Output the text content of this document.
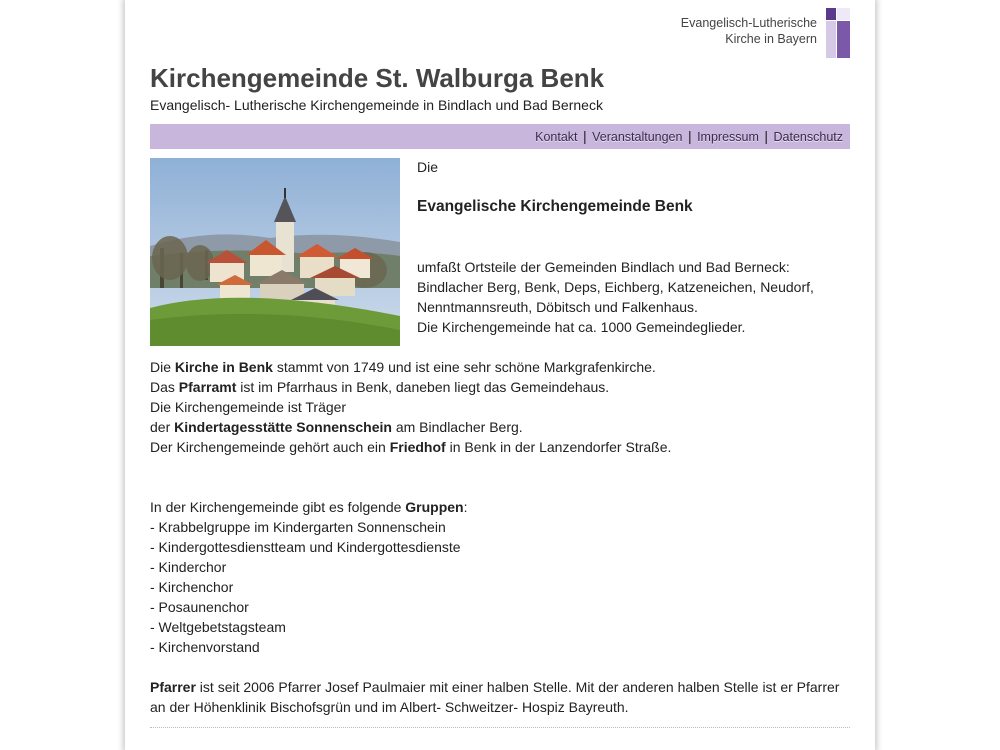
Evangelisch-Lutherische
Kirche in Bayern
Kirchengemeinde St. Walburga Benk
Evangelisch- Lutherische Kirchengemeinde in Bindlach und Bad Berneck
Kontakt | Veranstaltungen | Impressum | Datenschutz
Die
Evangelische Kirchengemeinde Benk
umfaßt Ortsteile der Gemeinden Bindlach und Bad Berneck: Bindlacher Berg, Benk, Deps, Eichberg, Katzeneichen, Neudorf, Nenntmannsreuth, Döbitsch und Falkenhaus.
Die Kirchengemeinde hat ca. 1000 Gemeindeglieder.

Die Kirche in Benk stammt von 1749 und ist eine sehr schöne Markgrafenkirche.

Das Pfarramt ist im Pfarrhaus in Benk, daneben liegt das Gemeindehaus.

Die Kirchengemeinde ist Träger

der Kindertagesstätte Sonnenschein am Bindlacher Berg.

Der Kirchengemeinde gehört auch ein Friedhof in Benk in der Lanzendorfer Straße.

In der Kirchengemeinde gibt es folgende Gruppen:

- Krabbelgruppe im Kindergarten Sonnenschein

- Kindergottesdienstteam und Kindergottesdienste

- Kinderchor

- Kirchenchor

- Posaunenchor

- Weltgebetstagsteam

- Kirchenvorstand

Pfarrer ist seit 2006 Pfarrer Josef Paulmaier mit einer halben Stelle. Mit der anderen halben Stelle ist er Pfarrer an der Höhenklinik Bischofsgrün und im Albert- Schweitzer- Hospiz Bayreuth.
